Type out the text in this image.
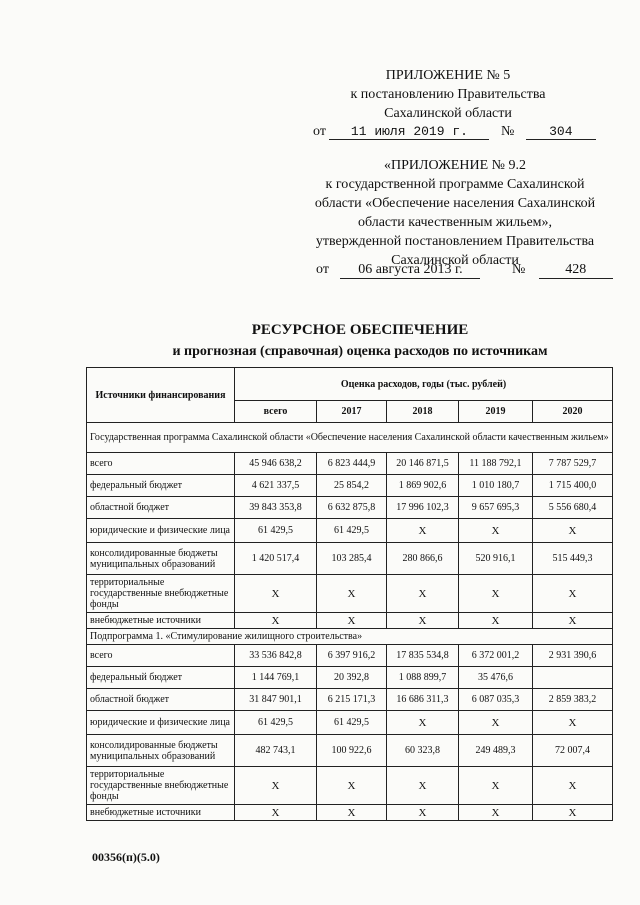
ПРИЛОЖЕНИЕ № 5
к постановлению Правительства
Сахалинской области
от 11 июля 2019 г. №	304
«ПРИЛОЖЕНИЕ № 9.2
к государственной программе Сахалинской
области «Обеспечение населения Сахалинской
области качественным жильем»,
утвержденной постановлением Правительства
Сахалинской области
от 06 августа 2013 г.	№	428
РЕСУРСНОЕ ОБЕСПЕЧЕНИЕ
и прогнозная (справочная) оценка расходов по источникам
Источники финансирования	Оценка расходов, годы (тыс. рублей)				
	всего	2017	2018	2019	2020
Государственная программа Сахалинской области «Обеспечение населения Сахалинской области качественным жильем»					
всего	45 946 638,2	6 823 444,9	20 146 871,5	11 188 792,1	7 787 529,7
федеральный бюджет	4 621 337,5	25 854,2	1 869 902,6	1 010 180,7	1 715 400,0
областной бюджет	39 843 353,8	6 632 875,8	17 996 102,3	9 657 695,3	5 556 680,4
юридические и физические лица	61 429,5	61 429,5	X	X	X
консолидированные бюджеты муниципальных образований	1 420 517,4	103 285,4	280 866,6	520 916,1	515 449,3
территориальные государственные внебюджетные фонды	X	X	X	X	X
внебюджетные источники	X	X	X	X	X
Подпрограмма 1. «Стимулирование жилищного строительства»					
всего	33 536 842,8	6 397 916,2	17 835 534,8	6 372 001,2	2 931 390,6
федеральный бюджет	1 144 769,1	20 392,8	1 088 899,7	35 476,6	
областной бюджет	31 847 901,1	6 215 171,3	16 686 311,3	6 087 035,3	2 859 383,2
юридические и физические лица	61 429,5	61 429,5	X	X	X
консолидированные бюджеты муниципальных образований	482 743,1	100 922,6	60 323,8	249 489,3	72 007,4
территориальные государственные внебюджетные фонды	X	X	X	X	X
внебюджетные источники	X	X	X	X	X
00356(п)(5.0)
